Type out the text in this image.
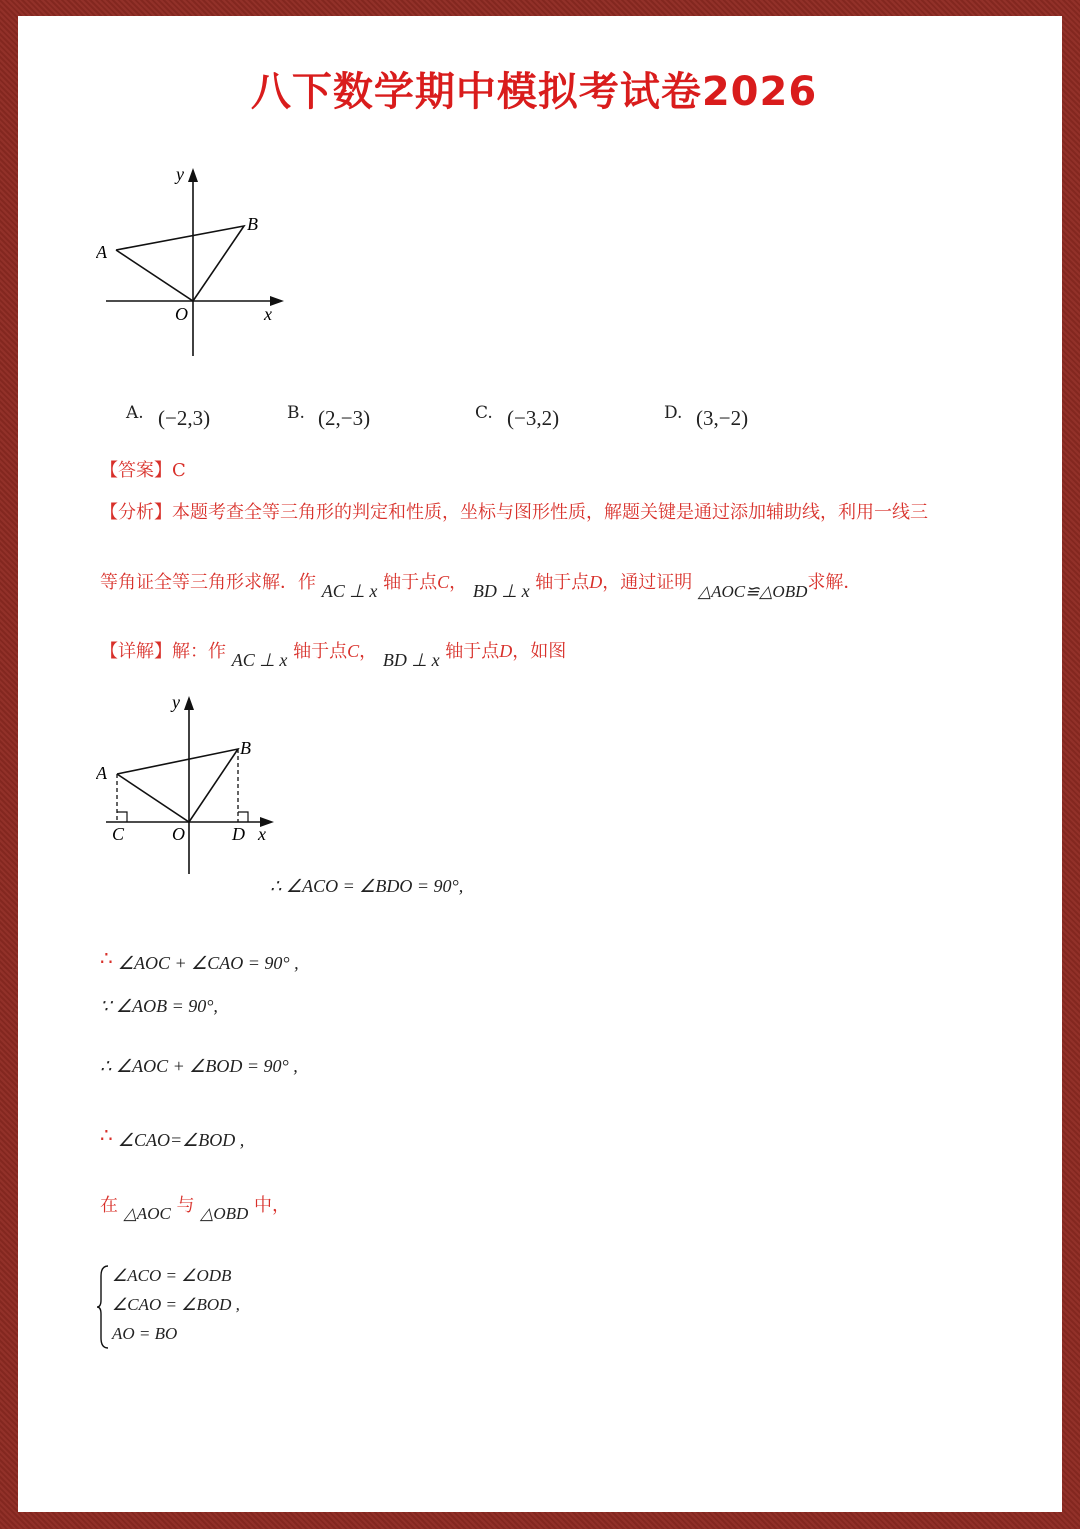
八下数学期中模拟考试卷2026
y
x
A
B
O
A. (−2,3)	B. (2,−3)	C. (−3,2)	D. (3,−2)
【答案】C
【分析】本题考查全等三角形的判定和性质，坐标与图形性质，解题关键是通过添加辅助线，利用一线三
等角证全等三角形求解．作 AC ⊥ x 轴于点C， BD ⊥ x 轴于点D，通过证明 △AOC≌△OBD求解．
【详解】解：作 AC ⊥ x 轴于点C， BD ⊥ x 轴于点D，如图
y
A
B
C	O	D x
∴ ∠ACO = ∠BDO = 90°,
∴ ∠AOC + ∠CAO = 90° ,
∵ ∠AOB = 90°,
∴ ∠AOC + ∠BOD = 90° ,
∴ ∠CAO=∠BOD ,
在 △AOC 与 △OBD 中，
∠ACO = ∠ODB
∠CAO = ∠BOD ,
AO = BO
